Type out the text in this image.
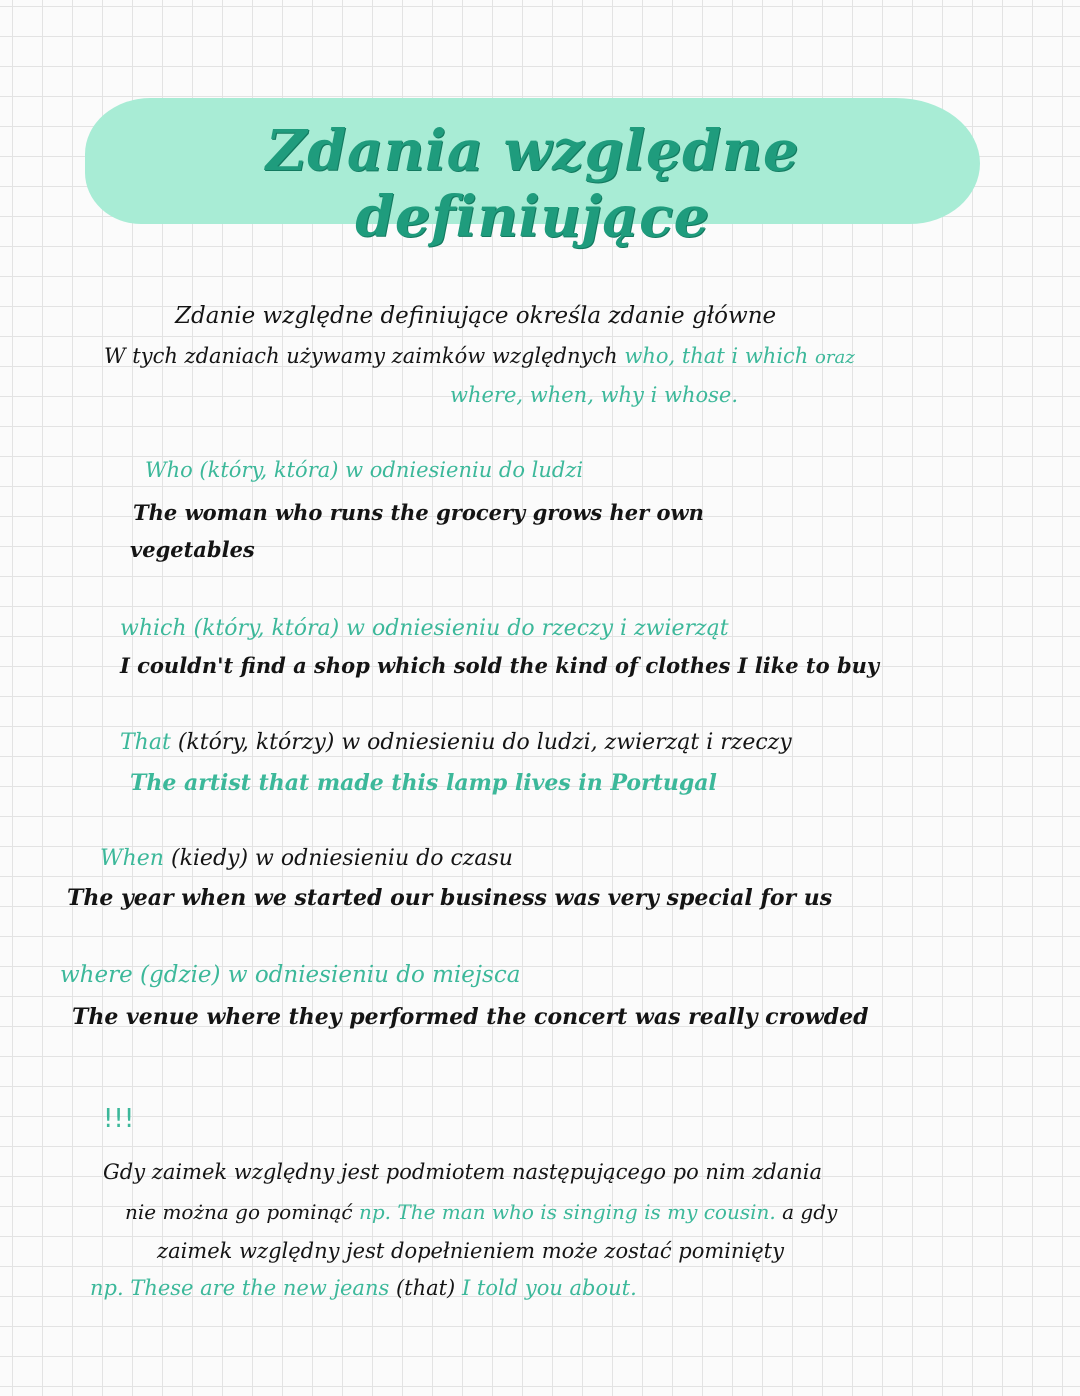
Zdania względne definiujące
Zdanie względne definiujące określa zdanie główne
W tych zdaniach używamy zaimków względnych who, that i which oraz
where, when, why i whose.
Who (który, która) w odniesieniu do ludzi
The woman who runs the grocery grows her own
vegetables
which (który, która) w odniesieniu do rzeczy i zwierząt
I couldn't find a shop which sold the kind of clothes I like to buy
That (który, którzy) w odniesieniu do ludzi, zwierząt i rzeczy
The artist that made this lamp lives in Portugal
When (kiedy) w odniesieniu do czasu
The year when we started our business was very special for us
where (gdzie) w odniesieniu do miejsca
The venue where they performed the concert was really crowded
!!!
Gdy zaimek względny jest podmiotem następującego po nim zdania
nie można go pominąć np. The man who is singing is my cousin. a gdy
zaimek względny jest dopełnieniem może zostać pominięty
np. These are the new jeans (that) I told you about.
